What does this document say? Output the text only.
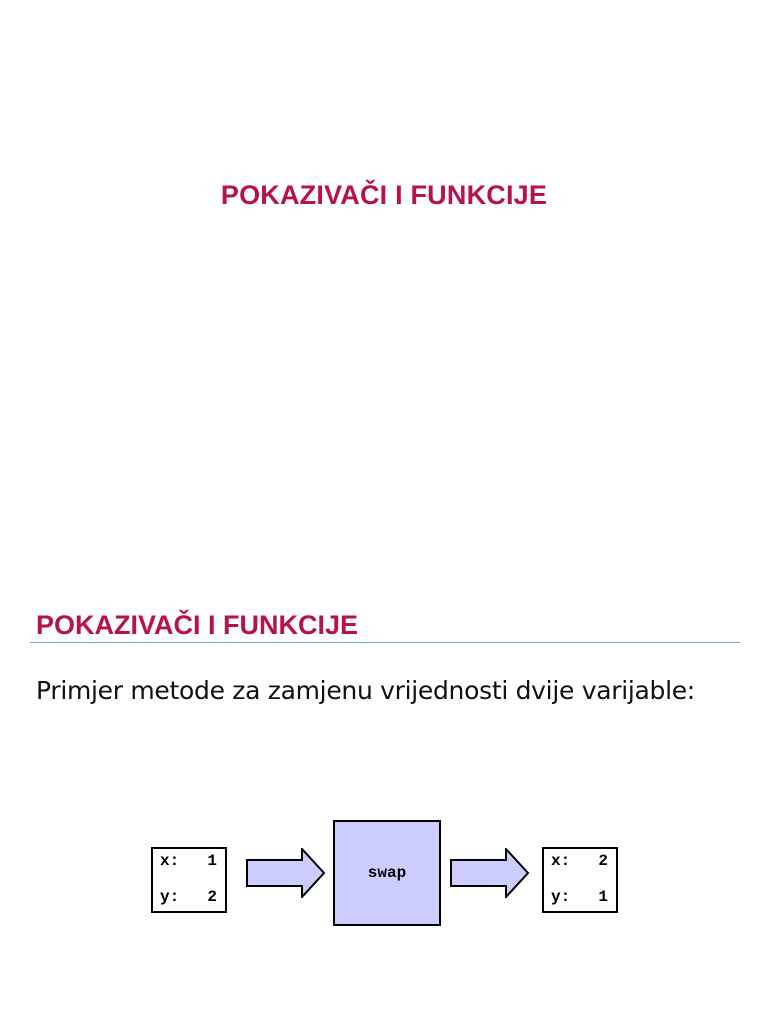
POKAZIVAČI I FUNKCIJE
POKAZIVAČI I FUNKCIJE
Primjer metode za zamjenu vrijednosti dvije varijable:
x: 1
y: 2
swap
x: 2
y: 1
